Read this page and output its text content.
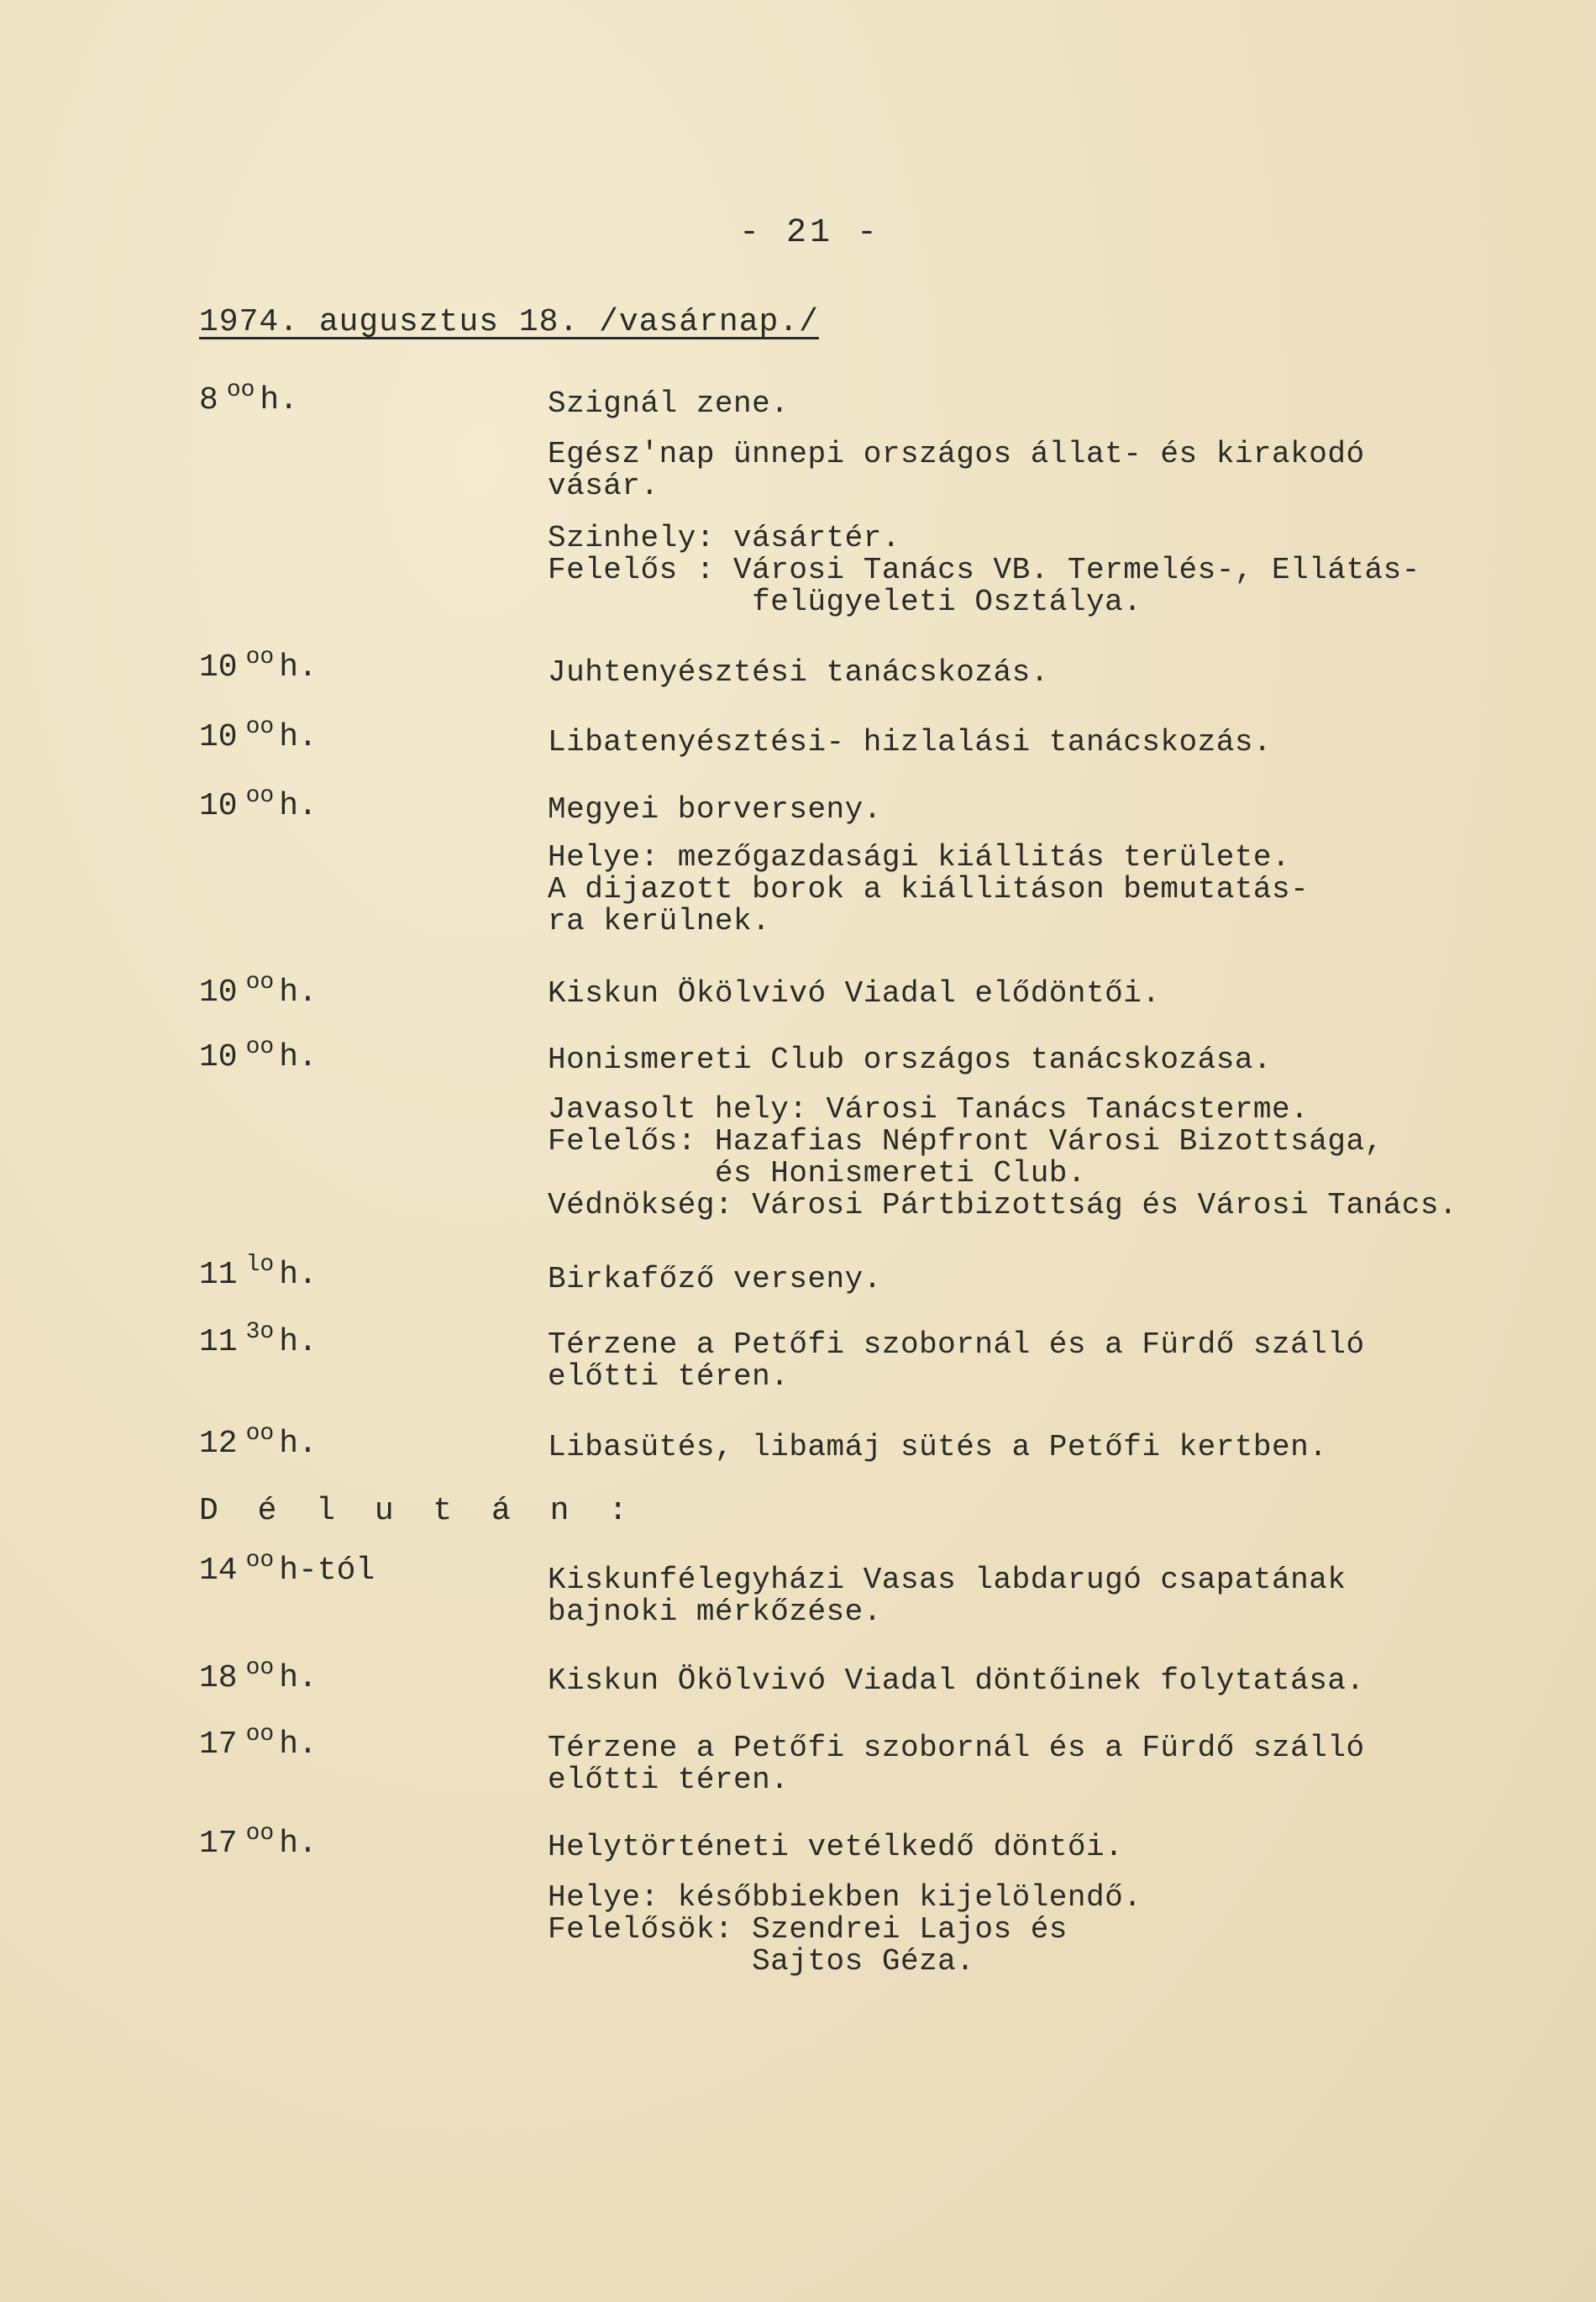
- 21 -
1974. augusztus 18. /vasárnap./
8 $^{oo}$ h.	Szignál zene.
Egész'nap ünnepi országos állat- és kirakodó
vásár.
Szinhely: vásártér.
Felelős : Városi Tanács VB. Termelés-, Ellátás-
felügyeleti Osztálya.
10 $^{oo}$ h.	Juhtenyésztési tanácskozás.
10 $^{oo}$ h.	Libatenyésztési- hizlalási tanácskozás.
10 $^{oo}$ h.	Megyei borverseny.
Helye: mezőgazdasági kiállitás területe.
A dijazott borok a kiállitáson bemutatás-
ra kerülnek.
10 $^{oo}$ h.	Kiskun Ökölvivó Viadal elődöntői.
10 $^{oo}$ h.	Honismereti Club országos tanácskozása.
Javasolt hely: Városi Tanács Tanácsterme.
Felelős: Hazafias Népfront Városi Bizottsága,
és Honismereti Club.
Védnökség: Városi Pártbizottság és Városi Tanács.
11 $^{lo}$ h.	Birkafőző verseny.
11 $^{3o}$ h.	Térzene a Petőfi szobornál és a Fürdő szálló
előtti téren.
12 $^{oo}$ h.	Libasütés, libamáj sütés a Petőfi kertben.
D é l u t á n :
14 $^{oo}$ h-tól	Kiskunfélegyházi Vasas labdarugó csapatának
bajnoki mérkőzése.
18 $^{oo}$ h.	Kiskun Ökölvivó Viadal döntőinek folytatása.
17 $^{oo}$ h.	Térzene a Petőfi szobornál és a Fürdő szálló
előtti téren.
17 $^{oo}$ h.	Helytörténeti vetélkedő döntői.
Helye: későbbiekben kijelölendő.
Felelősök: Szendrei Lajos és
Sajtos Géza.
